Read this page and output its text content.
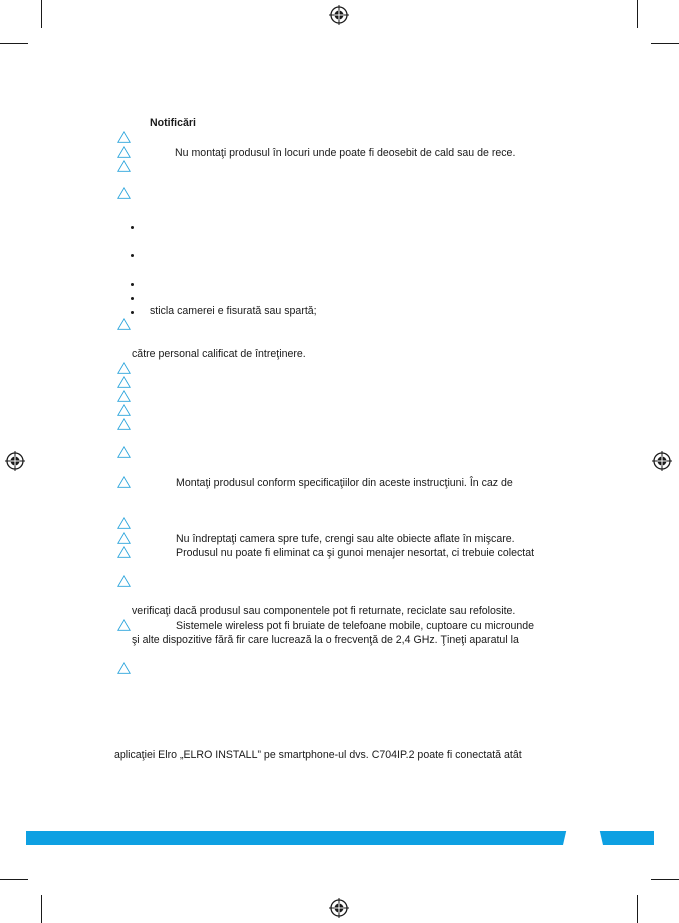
Notificări
Nu montaţi produsul în locuri unde poate fi deosebit de cald sau de rece.
sticla camerei e fisurată sau spartă;
către personal calificat de întreţinere.
Montaţi produsul conform specificaţiilor din aceste instrucţiuni. În caz de
Nu îndreptaţi camera spre tufe, crengi sau alte obiecte aflate în mişcare.
Produsul nu poate fi eliminat ca şi gunoi menajer nesortat, ci trebuie colectat
verificaţi dacă produsul sau componentele pot fi returnate, reciclate sau refolosite.
Sistemele wireless pot fi bruiate de telefoane mobile, cuptoare cu microunde
şi alte dispozitive fără fir care lucrează la o frecvenţă de 2,4 GHz. Ţineţi aparatul la
aplicaţiei Elro „ELRO INSTALL” pe smartphone-ul dvs. C704IP.2 poate fi conectată atât
